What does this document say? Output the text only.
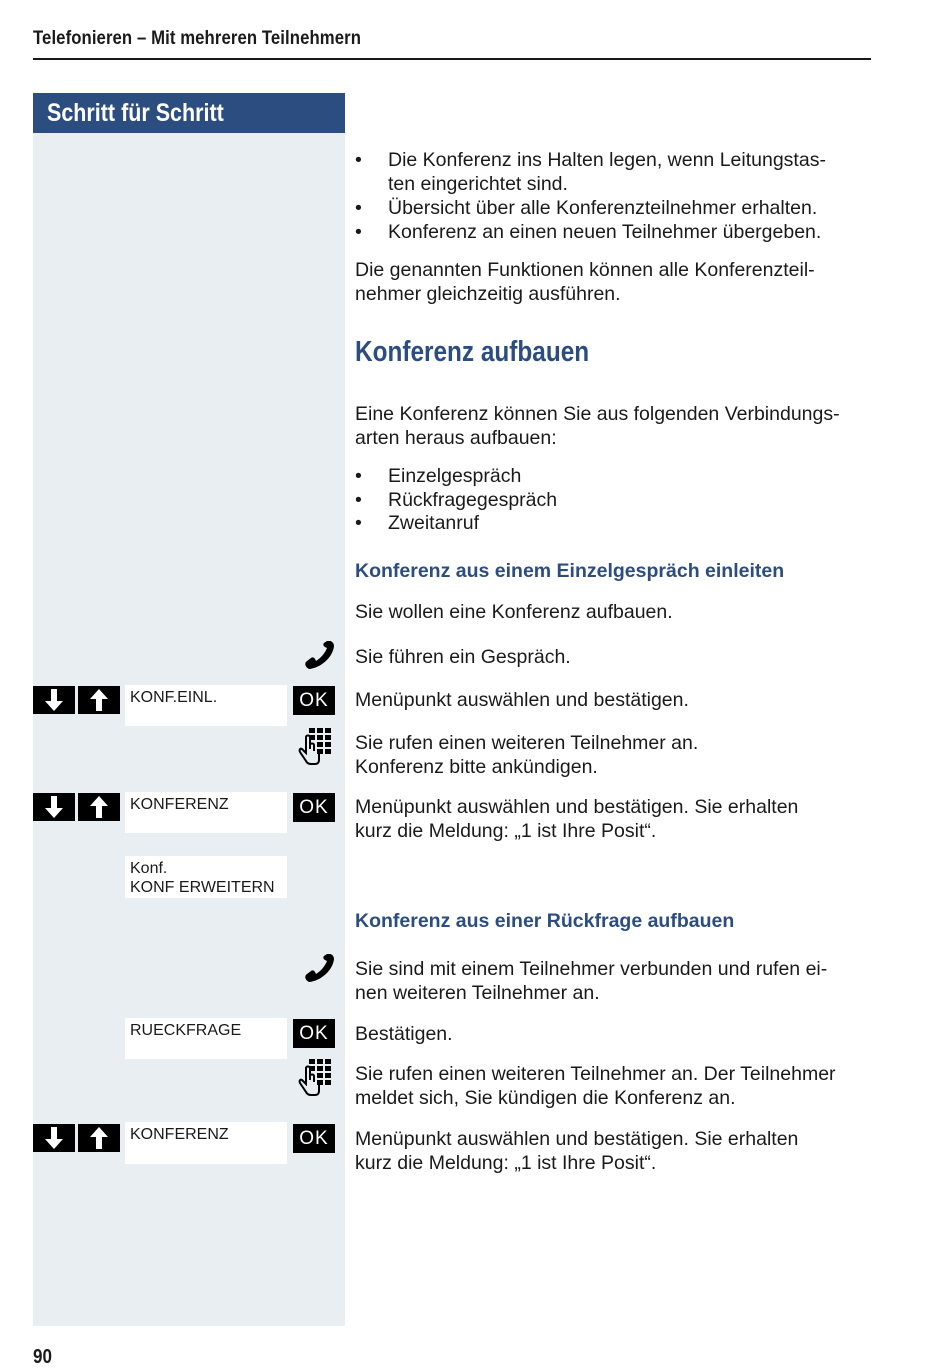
Telefonieren – Mit mehreren Teilnehmern
Schritt für Schritt
•	Die Konferenz ins Halten legen, wenn Leitungstas-
ten eingerichtet sind.
•	Übersicht über alle Konferenzteilnehmer erhalten.
•	Konferenz an einen neuen Teilnehmer übergeben.
Die genannten Funktionen können alle Konferenzteil-
nehmer gleichzeitig ausführen.
Konferenz aufbauen
Eine Konferenz können Sie aus folgenden Verbindungs-
arten heraus aufbauen:
•	Einzelgespräch
•	Rückfragegespräch
•	Zweitanruf
Konferenz aus einem Einzelgespräch einleiten
Sie wollen eine Konferenz aufbauen.
Sie führen ein Gespräch.
KONF.EINL.	OK	Menüpunkt auswählen und bestätigen.
Sie rufen einen weiteren Teilnehmer an.
Konferenz bitte ankündigen.
KONFERENZ	OK	Menüpunkt auswählen und bestätigen. Sie erhalten
kurz die Meldung: „1 ist Ihre Posit“.
Konf.
KONF ERWEITERN
Konferenz aus einer Rückfrage aufbauen
Sie sind mit einem Teilnehmer verbunden und rufen ei-
nen weiteren Teilnehmer an.
RUECKFRAGE	OK	Bestätigen.
Sie rufen einen weiteren Teilnehmer an. Der Teilnehmer
meldet sich, Sie kündigen die Konferenz an.
KONFERENZ	OK	Menüpunkt auswählen und bestätigen. Sie erhalten
kurz die Meldung: „1 ist Ihre Posit“.
90
